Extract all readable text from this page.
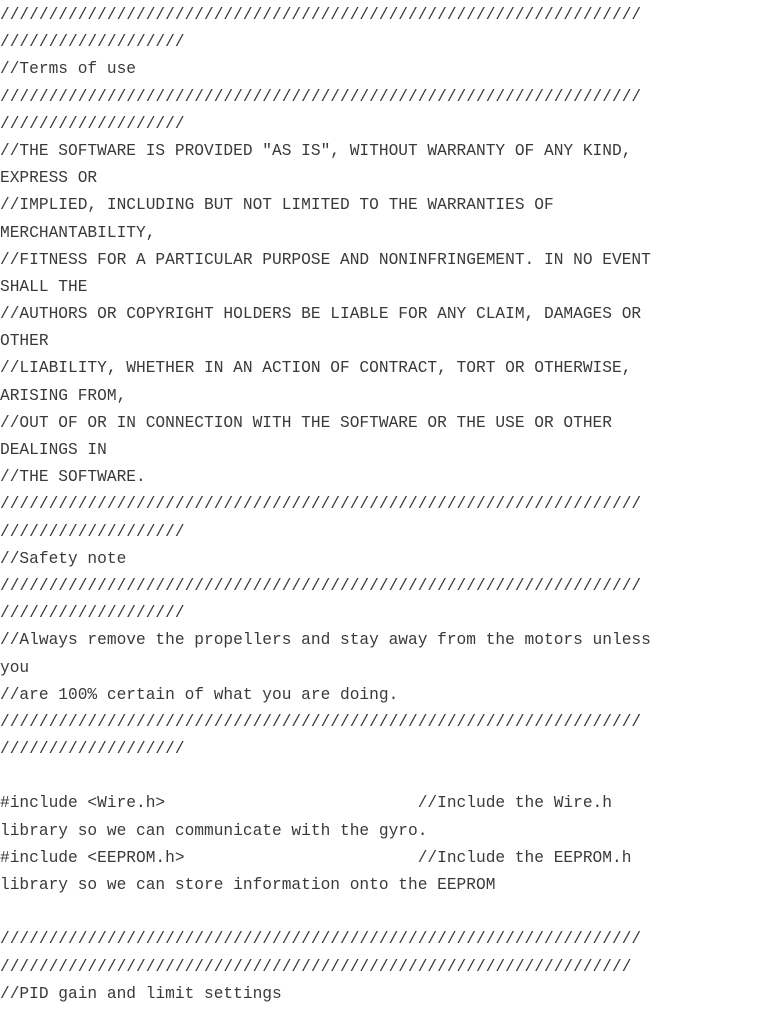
//////////////////////////////////////////////////////////////////
///////////////////
//Terms of use
//////////////////////////////////////////////////////////////////
///////////////////
//THE SOFTWARE IS PROVIDED "AS IS", WITHOUT WARRANTY OF ANY KIND,
EXPRESS OR
//IMPLIED, INCLUDING BUT NOT LIMITED TO THE WARRANTIES OF
MERCHANTABILITY,
//FITNESS FOR A PARTICULAR PURPOSE AND NONINFRINGEMENT. IN NO EVENT
SHALL THE
//AUTHORS OR COPYRIGHT HOLDERS BE LIABLE FOR ANY CLAIM, DAMAGES OR
OTHER
//LIABILITY, WHETHER IN AN ACTION OF CONTRACT, TORT OR OTHERWISE,
ARISING FROM,
//OUT OF OR IN CONNECTION WITH THE SOFTWARE OR THE USE OR OTHER
DEALINGS IN
//THE SOFTWARE.
//////////////////////////////////////////////////////////////////
///////////////////
//Safety note
//////////////////////////////////////////////////////////////////
///////////////////
//Always remove the propellers and stay away from the motors unless
you
//are 100% certain of what you are doing.
//////////////////////////////////////////////////////////////////
///////////////////
#include <Wire.h>                          //Include the Wire.h
library so we can communicate with the gyro.
#include <EEPROM.h>                        //Include the EEPROM.h
library so we can store information onto the EEPROM
//////////////////////////////////////////////////////////////////
/////////////////////////////////////////////////////////////////
//PID gain and limit settings
